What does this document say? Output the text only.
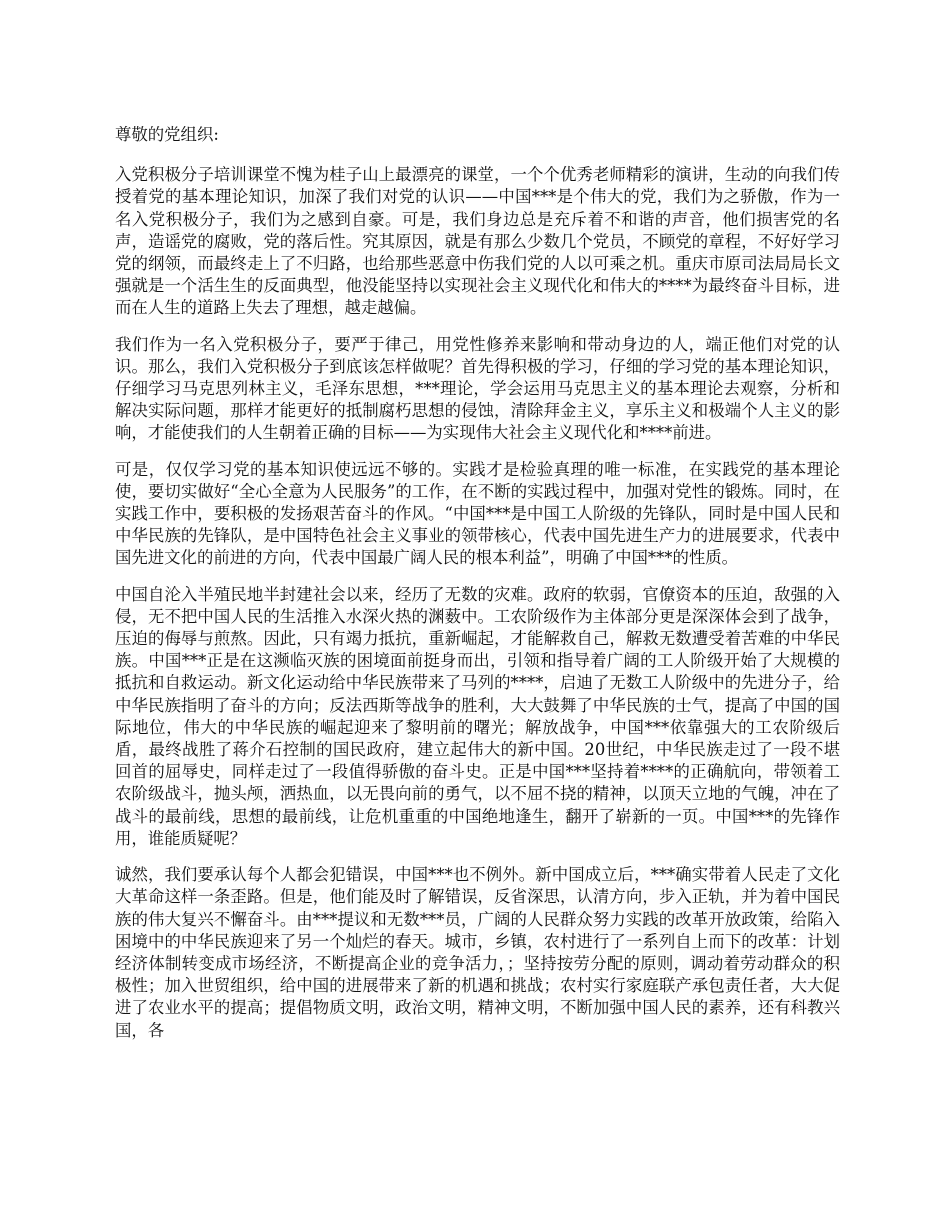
尊敬的党组织:

入党积极分子培训课堂不愧为桂子山上最漂亮的课堂，一个个优秀老师精彩的演讲，生动的向我们传授着党的基本理论知识，加深了我们对党的认识——中国***是个伟大的党，我们为之骄傲，作为一名入党积极分子，我们为之感到自豪。可是，我们身边总是充斥着不和谐的声音，他们损害党的名声，造谣党的腐败，党的落后性。究其原因，就是有那么少数几个党员，不顾党的章程，不好好学习党的纲领，而最终走上了不归路，也给那些恶意中伤我们党的人以可乘之机。重庆市原司法局局长文强就是一个活生生的反面典型，他没能坚持以实现社会主义现代化和伟大的****为最终奋斗目标，进而在人生的道路上失去了理想，越走越偏。

我们作为一名入党积极分子，要严于律己，用党性修养来影响和带动身边的人，端正他们对党的认识。那么，我们入党积极分子到底该怎样做呢？首先得积极的学习，仔细的学习党的基本理论知识，仔细学习马克思列林主义，毛泽东思想，***理论，学会运用马克思主义的基本理论去观察，分析和解决实际问题，那样才能更好的抵制腐朽思想的侵蚀，清除拜金主义，享乐主义和极端个人主义的影响，才能使我们的人生朝着正确的目标——为实现伟大社会主义现代化和****前进。

可是，仅仅学习党的基本知识使远远不够的。实践才是检验真理的唯一标准，在实践党的基本理论使，要切实做好“全心全意为人民服务”的工作，在不断的实践过程中，加强对党性的锻炼。同时，在实践工作中，要积极的发扬艰苦奋斗的作风。“中国***是中国工人阶级的先锋队，同时是中国人民和中华民族的先锋队，是中国特色社会主义事业的领带核心，代表中国先进生产力的进展要求，代表中国先进文化的前进的方向，代表中国最广阔人民的根本利益”，明确了中国***的性质。

中国自沦入半殖民地半封建社会以来，经历了无数的灾难。政府的软弱，官僚资本的压迫，敌强的入侵，无不把中国人民的生活推入水深火热的渊薮中。工农阶级作为主体部分更是深深体会到了战争，压迫的侮辱与煎熬。因此，只有竭力抵抗，重新崛起，才能解救自己，解救无数遭受着苦难的中华民族。中国***正是在这濒临灭族的困境面前挺身而出，引领和指导着广阔的工人阶级开始了大规模的抵抗和自救运动。新文化运动给中华民族带来了马列的****，启迪了无数工人阶级中的先进分子，给中华民族指明了奋斗的方向；反法西斯等战争的胜利，大大鼓舞了中华民族的士气，提高了中国的国际地位，伟大的中华民族的崛起迎来了黎明前的曙光；解放战争，中国***依靠强大的工农阶级后盾，最终战胜了蒋介石控制的国民政府，建立起伟大的新中国。20世纪，中华民族走过了一段不堪回首的屈辱史，同样走过了一段值得骄傲的奋斗史。正是中国***坚持着****的正确航向，带领着工农阶级战斗，抛头颅，洒热血，以无畏向前的勇气，以不屈不挠的精神，以顶天立地的气魄，冲在了战斗的最前线，思想的最前线，让危机重重的中国绝地逢生，翻开了崭新的一页。中国***的先锋作用，谁能质疑呢？

诚然，我们要承认每个人都会犯错误，中国***也不例外。新中国成立后，***确实带着人民走了文化大革命这样一条歪路。但是，他们能及时了解错误，反省深思，认清方向，步入正轨，并为着中国民族的伟大复兴不懈奋斗。由***提议和无数***员，广阔的人民群众努力实践的改革开放政策，给陷入困境中的中华民族迎来了另一个灿烂的春天。城市，乡镇，农村进行了一系列自上而下的改革：计划经济体制转变成市场经济，不断提高企业的竞争活力，；坚持按劳分配的原则，调动着劳动群众的积极性；加入世贸组织，给中国的进展带来了新的机遇和挑战；农村实行家庭联产承包责任者，大大促进了农业水平的提高；提倡物质文明，政治文明，精神文明，不断加强中国人民的素养，还有科教兴国，各
